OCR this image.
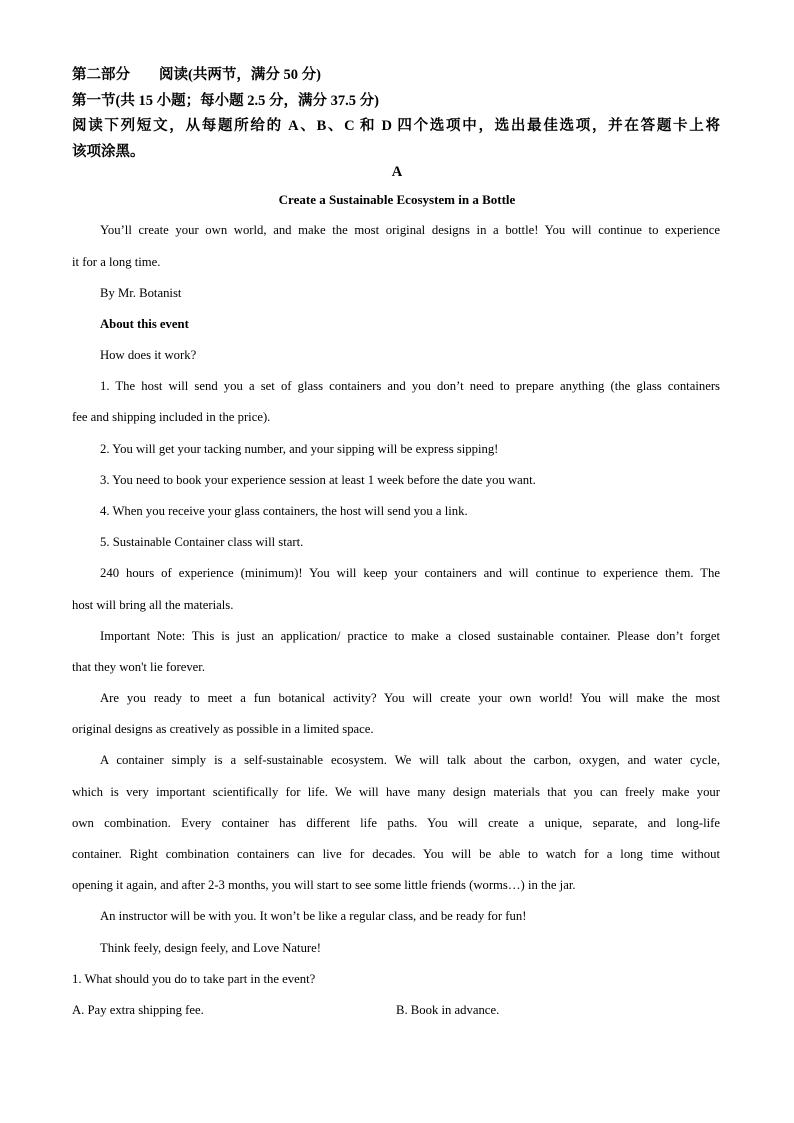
第二部分　　阅读(共两节，满分 50 分)
第一节(共 15 小题；每小题 2.5 分，满分 37.5 分)
阅读下列短文，从每题所给的 A、B、C 和 D 四个选项中，选出最佳选项，并在答题卡上将
该项涂黑。
A
Create a Sustainable Ecosystem in a Bottle
You’ll create your own world, and make the most original designs in a bottle! You will continue to experience
it for a long time.
By Mr. Botanist
About this event
How does it work?
1. The host will send you a set of glass containers and you don’t need to prepare anything (the glass containers
fee and shipping included in the price).
2. You will get your tacking number, and your sipping will be express sipping!
3. You need to book your experience session at least 1 week before the date you want.
4. When you receive your glass containers, the host will send you a link.
5. Sustainable Container class will start.
240 hours of experience (minimum)! You will keep your containers and will continue to experience them. The
host will bring all the materials.
Important Note: This is just an application/ practice to make a closed sustainable container. Please don’t forget
that they won't lie forever.
Are you ready to meet a fun botanical activity? You will create your own world! You will make the most
original designs as creatively as possible in a limited space.
A container simply is a self-sustainable ecosystem. We will talk about the carbon, oxygen, and water cycle,
which is very important scientifically for life. We will have many design materials that you can freely make your
own combination. Every container has different life paths. You will create a unique, separate, and long-life
container. Right combination containers can live for decades. You will be able to watch for a long time without
opening it again, and after 2-3 months, you will start to see some little friends (worms…) in the jar.
An instructor will be with you. It won’t be like a regular class, and be ready for fun!
Think feely, design feely, and Love Nature!
1. What should you do to take part in the event?
A. Pay extra shipping fee.	B. Book in advance.
